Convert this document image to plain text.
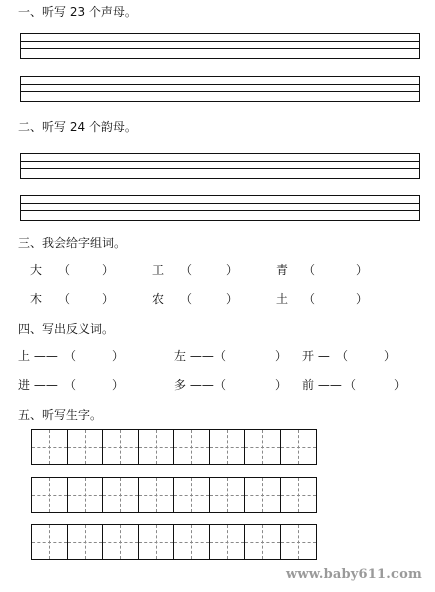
一、听写 23 个声母。
二、听写 24 个韵母。
三、我会给字组词。
大 （	）	工 （	）	青 （	）
木 （	）	农 （	）	土 （	）
四、写出反义词。
上 —— （	）	左 —— （	） 开 — （	）
进 —— （	）	多 —— （	） 前 —— （	）
五、听写生字。
www.baby611.com
